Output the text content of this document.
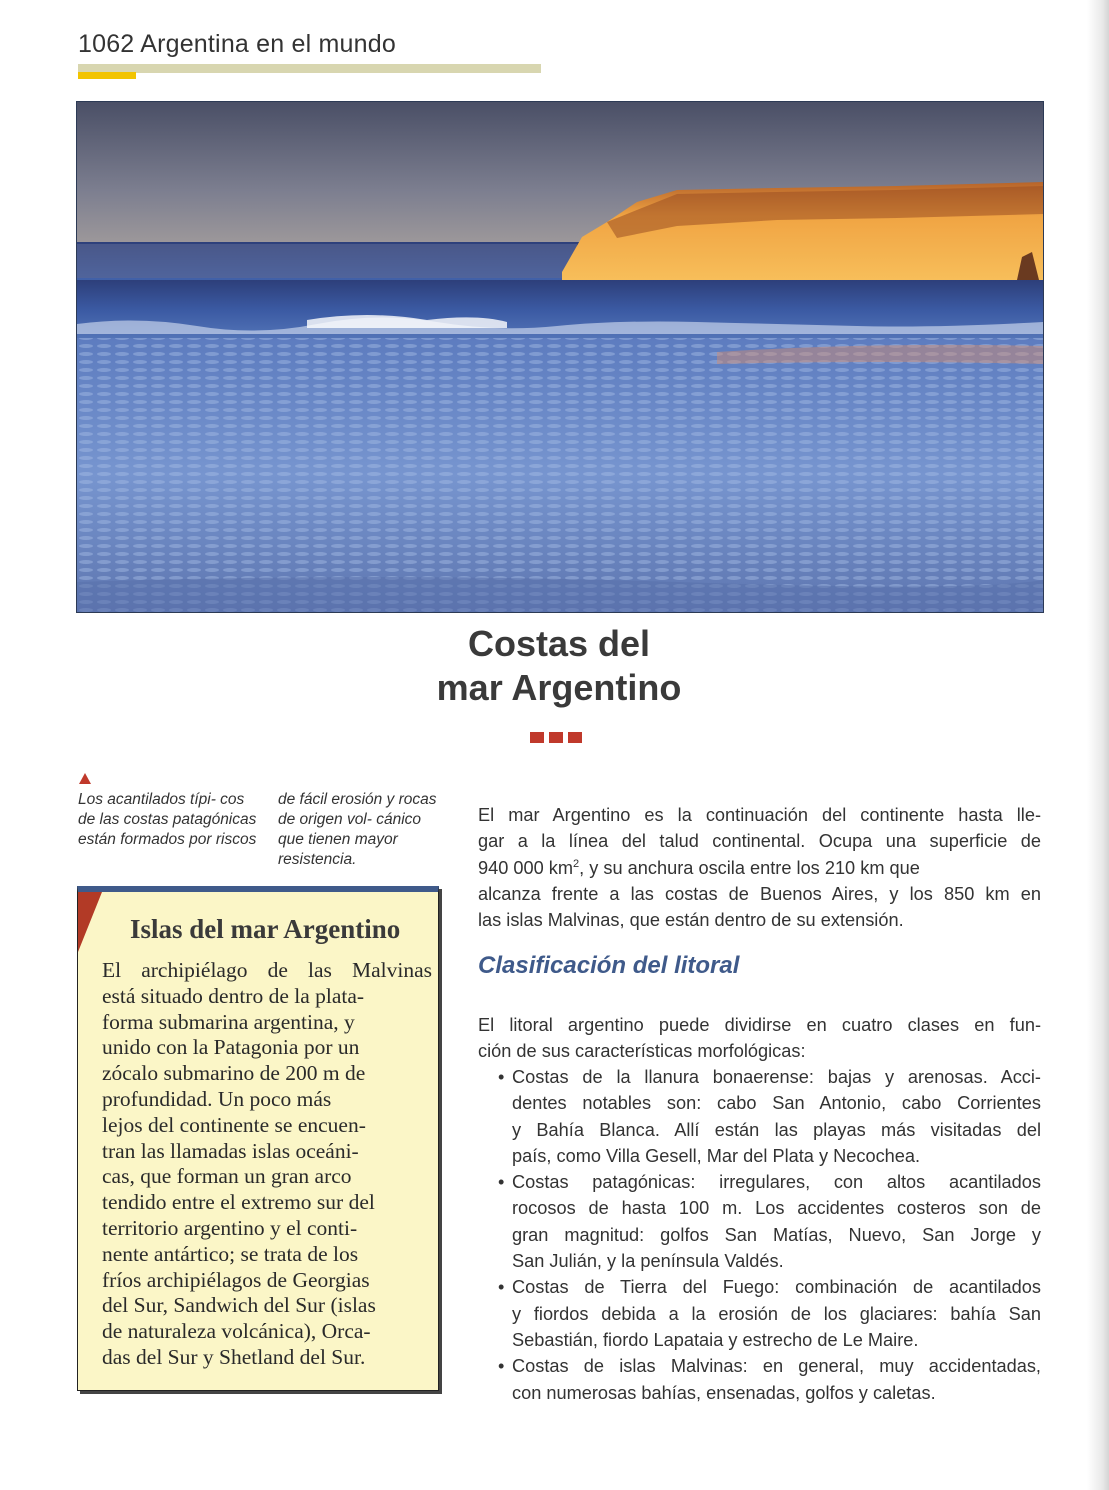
1062 Argentina en el mundo
Costas del
mar Argentino
Los acantilados típi- cos de las costas patagónicas están formados por riscos
de fácil erosión y rocas de origen vol- cánico que tienen mayor resistencia.
Islas del mar Argentino
El archipiélago de las Malvinas
está situado dentro de la plata-
forma submarina argentina, y
unido con la Patagonia por un
zócalo submarino de 200 m de
profundidad. Un poco más
lejos del continente se encuen-
tran las llamadas islas oceáni-
cas, que forman un gran arco
tendido entre el extremo sur del
territorio argentino y el conti-
nente antártico; se trata de los
fríos archipiélagos de Georgias
del Sur, Sandwich del Sur (islas
de naturaleza volcánica), Orca-
das del Sur y Shetland del Sur.
El mar Argentino es la continuación del continente hasta lle-
gar a la línea del talud continental. Ocupa una superficie de
940 000 $km^2$, y su anchura oscila entre los 210 km que
alcanza frente a las costas de Buenos Aires, y los 850 km en
las islas Malvinas, que están dentro de su extensión.
Clasificación del litoral
El litoral argentino puede dividirse en cuatro clases en fun-
ción de sus características morfológicas:
• Costas de la llanura bonaerense: bajas y arenosas. Acci-
dentes notables son: cabo San Antonio, cabo Corrientes
y Bahía Blanca. Allí están las playas más visitadas del
país, como Villa Gesell, Mar del Plata y Necochea.
• Costas patagónicas: irregulares, con altos acantilados
rocosos de hasta 100 m. Los accidentes costeros son de
gran magnitud: golfos San Matías, Nuevo, San Jorge y
San Julián, y la península Valdés.
• Costas de Tierra del Fuego: combinación de acantilados
y fiordos debida a la erosión de los glaciares: bahía San
Sebastián, fiordo Lapataia y estrecho de Le Maire.
• Costas de islas Malvinas: en general, muy accidentadas,
con numerosas bahías, ensenadas, golfos y caletas.
